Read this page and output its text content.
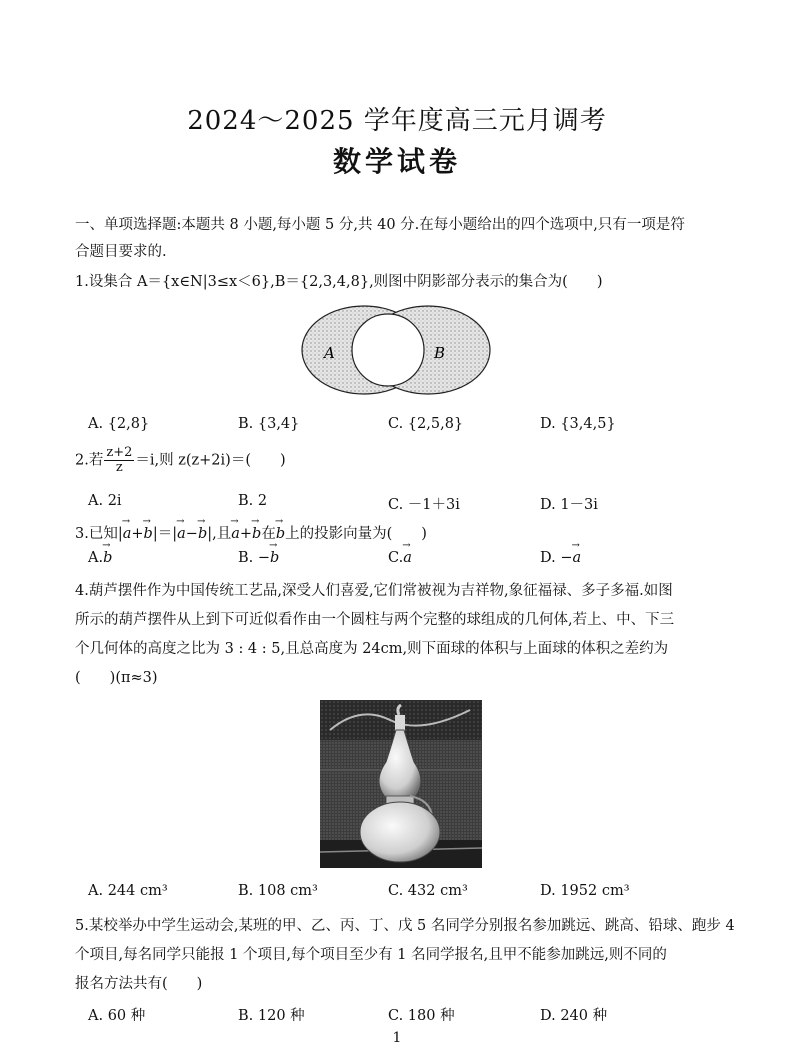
2024～2025 学年度高三元月调考
数学试卷
一、单项选择题:本题共 8 小题,每小题 5 分,共 40 分.在每小题给出的四个选项中,只有一项是符
合题目要求的.
1.设集合 A＝{x∈N|3≤x＜6},B＝{2,3,4,8},则图中阴影部分表示的集合为(　　)
A	B
A. {2,8}	B. {3,4}	C. {2,5,8}	D. {3,4,5}
2.若 $\frac{z+2}{z} =i$,则 z(z+2i)＝(　　)
A. 2i	B. 2	C. －1＋3i	D. 1－3i
3.已知|→ a+→ b|＝|→ a−→ b|,且→ a+→ b在→ b上的投影向量为(　　)
A.→ b	B. −→ b	C.→ a	D. −→ a
4.葫芦摆件作为中国传统工艺品,深受人们喜爱,它们常被视为吉祥物,象征福禄、多子多福.如图
所示的葫芦摆件从上到下可近似看作由一个圆柱与两个完整的球组成的几何体,若上、中、下三
个几何体的高度之比为 3 : 4 : 5,且总高度为 24cm,则下面球的体积与上面球的体积之差约为
(　　)(π≈3)
A. 244 cm³	B. 108 cm³	C. 432 cm³	D. 1952 cm³
5.某校举办中学生运动会,某班的甲、乙、丙、丁、戊 5 名同学分别报名参加跳远、跳高、铅球、跑步 4
个项目,每名同学只能报 1 个项目,每个项目至少有 1 名同学报名,且甲不能参加跳远,则不同的
报名方法共有(　　)
A. 60 种	B. 120 种	C. 180 种	D. 240 种
1
